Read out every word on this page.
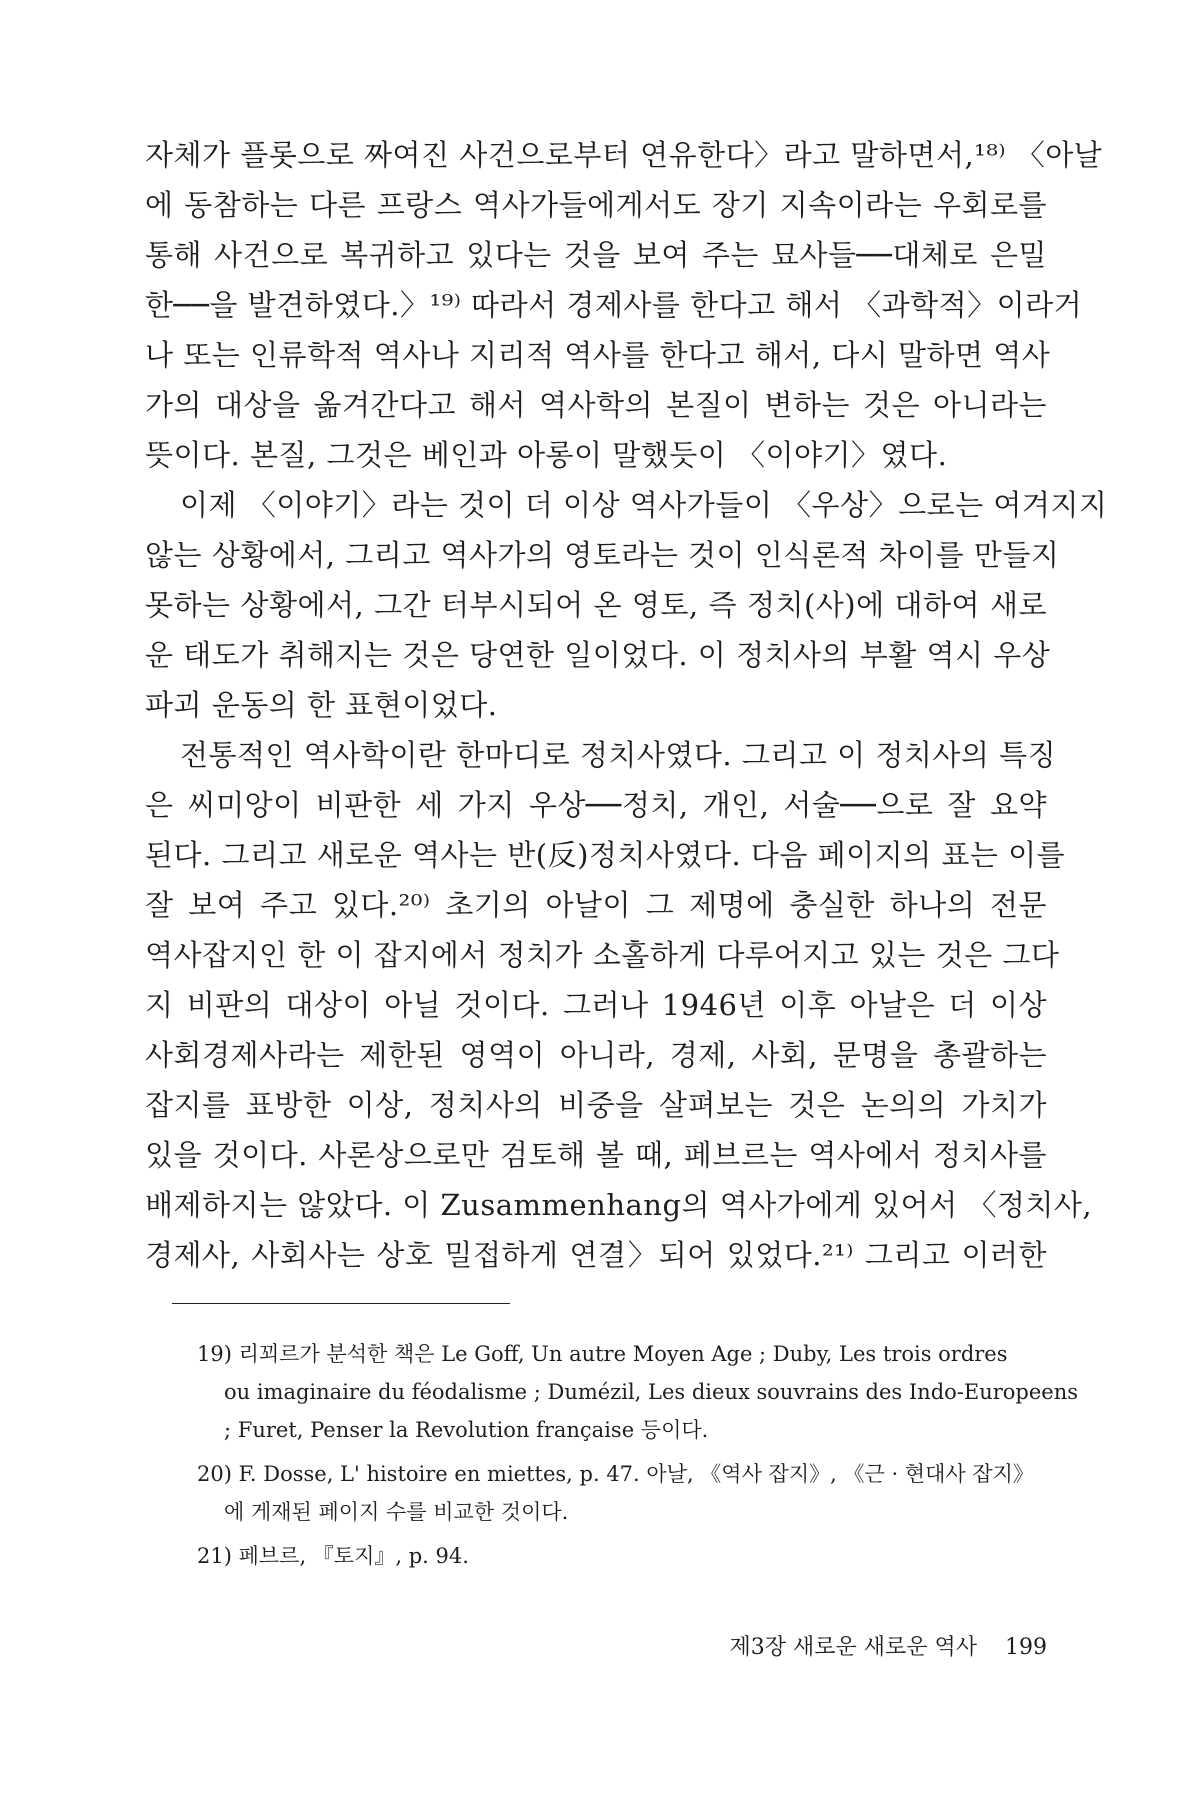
자체가 플롯으로 짜여진 사건으로부터 연유한다〉라고 말하면서,¹⁸⁾ 〈아날
에 동참하는 다른 프랑스 역사가들에게서도 장기 지속이라는 우회로를
통해 사건으로 복귀하고 있다는 것을 보여 주는 묘사들──대체로 은밀
한──을 발견하였다.〉¹⁹⁾ 따라서 경제사를 한다고 해서 〈과학적〉이라거
나 또는 인류학적 역사나 지리적 역사를 한다고 해서, 다시 말하면 역사
가의 대상을 옮겨간다고 해서 역사학의 본질이 변하는 것은 아니라는
뜻이다. 본질, 그것은 베인과 아롱이 말했듯이 〈이야기〉였다.
이제 〈이야기〉라는 것이 더 이상 역사가들이 〈우상〉으로는 여겨지지
않는 상황에서, 그리고 역사가의 영토라는 것이 인식론적 차이를 만들지
못하는 상황에서, 그간 터부시되어 온 영토, 즉 정치(사)에 대하여 새로
운 태도가 취해지는 것은 당연한 일이었다. 이 정치사의 부활 역시 우상
파괴 운동의 한 표현이었다.
전통적인 역사학이란 한마디로 정치사였다. 그리고 이 정치사의 특징
은 씨미앙이 비판한 세 가지 우상──정치, 개인, 서술──으로 잘 요약
된다. 그리고 새로운 역사는 반(反)정치사였다. 다음 페이지의 표는 이를
잘 보여 주고 있다.²⁰⁾ 초기의 아날이 그 제명에 충실한 하나의 전문
역사잡지인 한 이 잡지에서 정치가 소홀하게 다루어지고 있는 것은 그다
지 비판의 대상이 아닐 것이다. 그러나 1946년 이후 아날은 더 이상
사회경제사라는 제한된 영역이 아니라, 경제, 사회, 문명을 총괄하는
잡지를 표방한 이상, 정치사의 비중을 살펴보는 것은 논의의 가치가
있을 것이다. 사론상으로만 검토해 볼 때, 페브르는 역사에서 정치사를
배제하지는 않았다. 이 Zusammenhang의 역사가에게 있어서 〈정치사,
경제사, 사회사는 상호 밀접하게 연결〉되어 있었다.²¹⁾ 그리고 이러한
19) 리꾀르가 분석한 책은 Le Goff, Un autre Moyen Age ; Duby, Les trois ordres
ou imaginaire du féodalisme ; Dumézil, Les dieux souvrains des Indo-Europeens
; Furet, Penser la Revolution française 등이다.
20) F. Dosse, L' histoire en miettes, p. 47. 아날, 《역사 잡지》, 《근 · 현대사 잡지》
에 게재된 페이지 수를 비교한 것이다.
21) 페브르, 『토지』, p. 94.
제3장 새로운 새로운 역사 199
